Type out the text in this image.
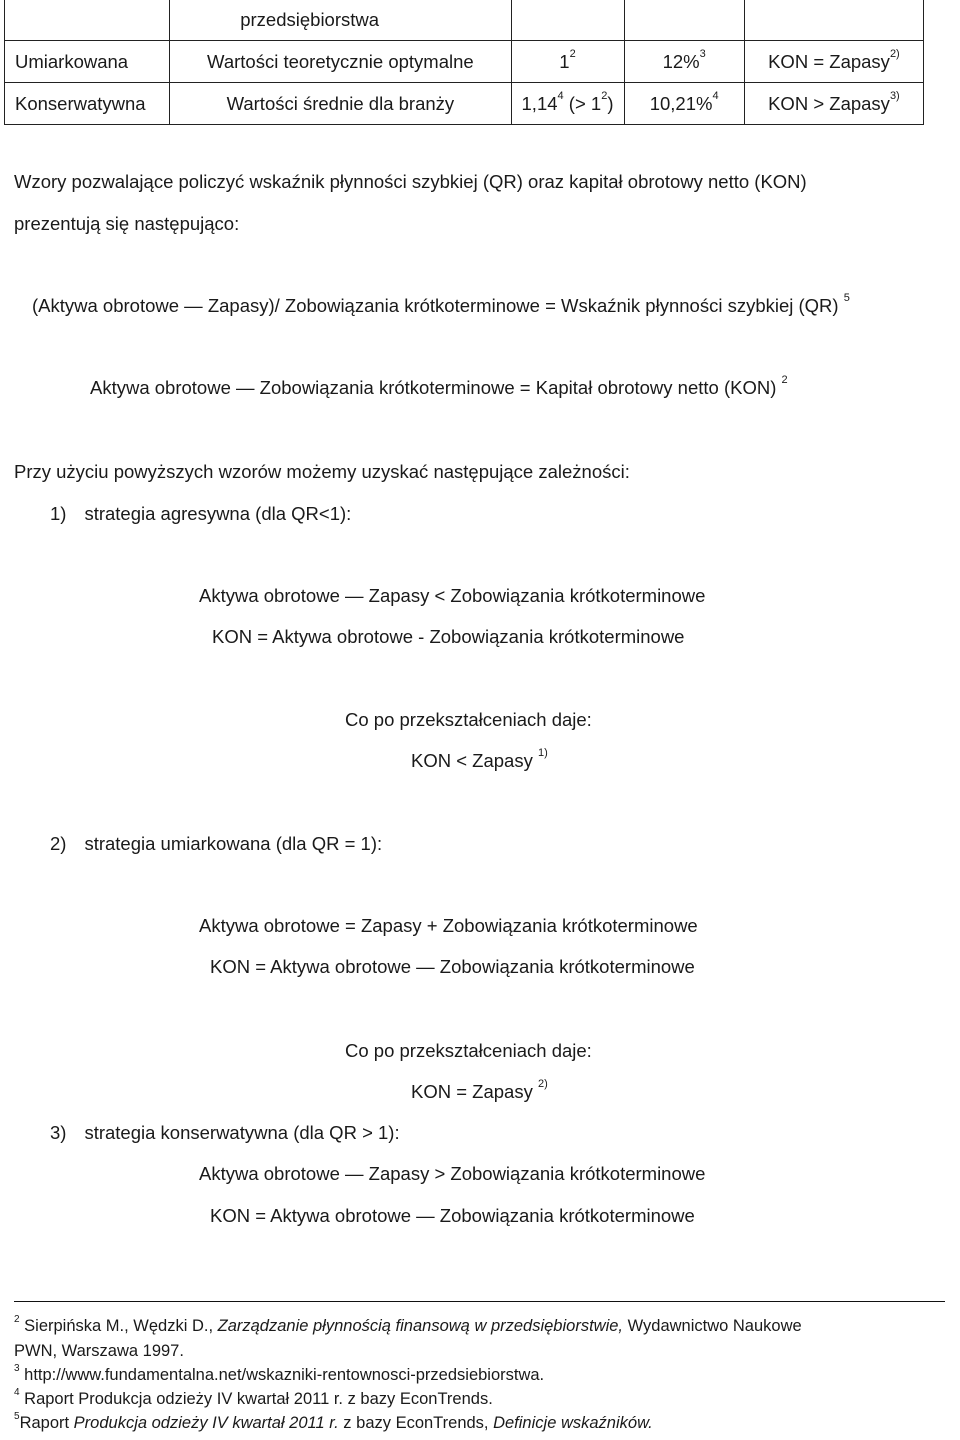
	przedsiębiorstwa			
Umiarkowana	Wartości teoretycznie optymalne	$1^2$	12%$^3$	KON = Zapasy$^{2)}$
Konserwatywna	Wartości średnie dla branży	1,14$^4$ (> $1^2$)	10,21%$^4$	KON > Zapasy$^{3)}$
Wzory pozwalające policzyć wskaźnik płynności szybkiej (QR) oraz kapitał obrotowy netto (KON)
prezentują się następująco:
(Aktywa obrotowe — Zapasy)/ Zobowiązania krótkoterminowe = Wskaźnik płynności szybkiej (QR) $^5$
Aktywa obrotowe — Zobowiązania krótkoterminowe = Kapitał obrotowy netto (KON) $^2$
Przy użyciu powyższych wzorów możemy uzyskać następujące zależności:
1) strategia agresywna (dla QR<1):
Aktywa obrotowe — Zapasy < Zobowiązania krótkoterminowe
KON = Aktywa obrotowe - Zobowiązania krótkoterminowe
Co po przekształceniach daje:
KON < Zapasy $^{1)}$
2) strategia umiarkowana (dla QR = 1):
Aktywa obrotowe = Zapasy + Zobowiązania krótkoterminowe
KON = Aktywa obrotowe — Zobowiązania krótkoterminowe
Co po przekształceniach daje:
KON = Zapasy $^{2)}$
3) strategia konserwatywna (dla QR > 1):
Aktywa obrotowe — Zapasy > Zobowiązania krótkoterminowe
KON = Aktywa obrotowe — Zobowiązania krótkoterminowe
$^2$ Sierpińska M., Wędzki D., Zarządzanie płynnością finansową w przedsiębiorstwie, Wydawnictwo Naukowe
PWN, Warszawa 1997.
$^3$ http://www.fundamentalna.net/wskazniki-rentownosci-przedsiebiorstwa.
$^4$ Raport Produkcja odzieży IV kwartał 2011 r. z bazy EconTrends.
$^5$Raport Produkcja odzieży IV kwartał 2011 r. z bazy EconTrends, Definicje wskaźników.
